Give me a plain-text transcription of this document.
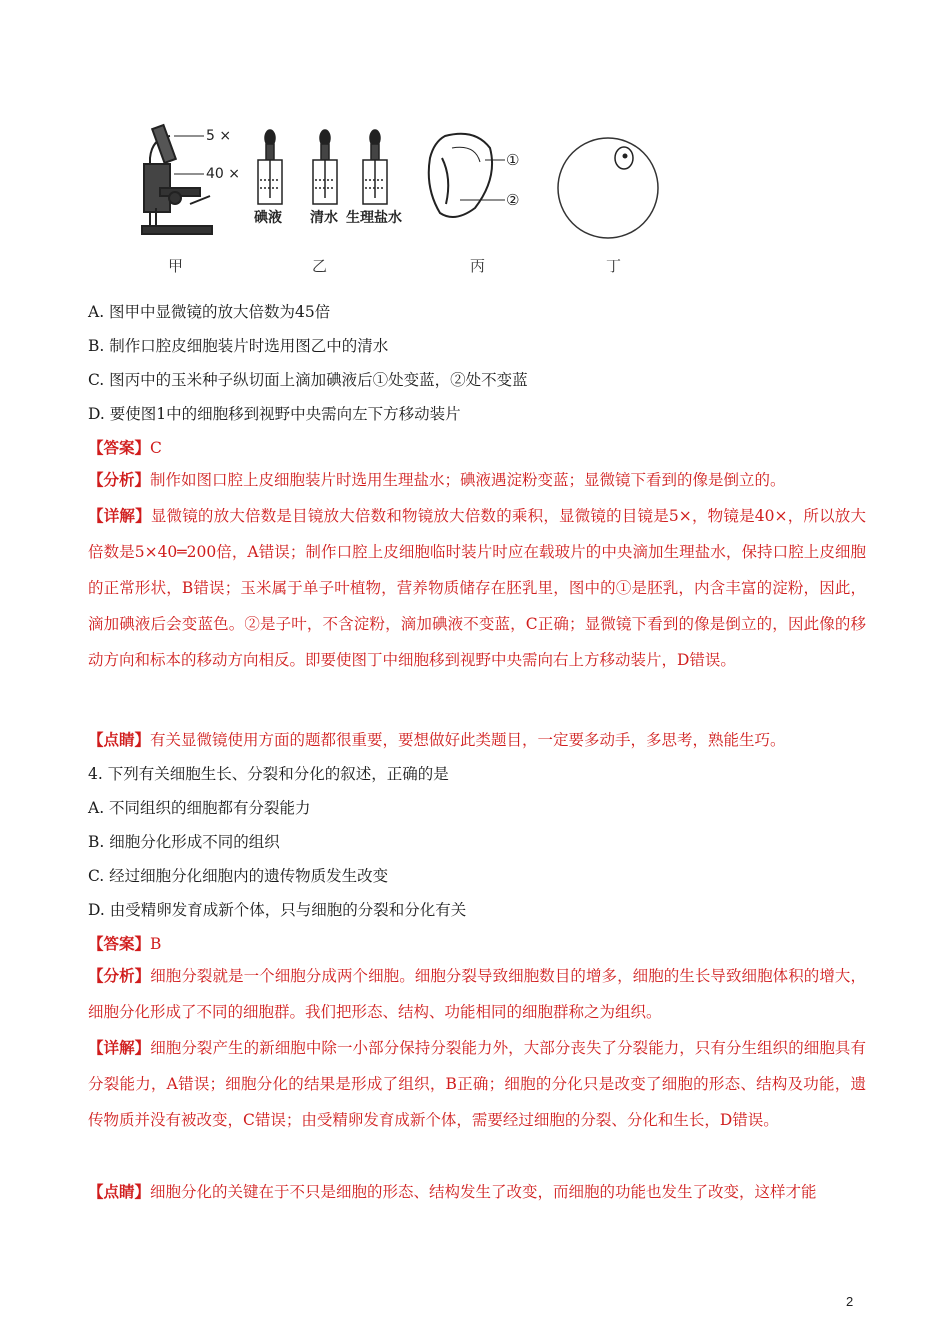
5 ×
40 ×
碘液 清水 生理盐水
①
②
甲	乙	丙	丁
A. 图甲中显微镜的放大倍数为45倍
B. 制作口腔皮细胞装片时选用图乙中的清水
C. 图丙中的玉米种子纵切面上滴加碘液后①处变蓝，②处不变蓝
D. 要使图1中的细胞移到视野中央需向左下方移动装片
【答案】C
【分析】制作如图口腔上皮细胞装片时选用生理盐水；碘液遇淀粉变蓝；显微镜下看到的像是倒立的。
【详解】显微镜的放大倍数是目镜放大倍数和物镜放大倍数的乘积，显微镜的目镜是5×，物镜是40×，所以放大倍数是5×40═200倍，A错误；制作口腔上皮细胞临时装片时应在载玻片的中央滴加生理盐水，保持口腔上皮细胞的正常形状，B错误；玉米属于单子叶植物，营养物质储存在胚乳里，图中的①是胚乳，内含丰富的淀粉，因此，滴加碘液后会变蓝色。②是子叶，不含淀粉，滴加碘液不变蓝，C正确；显微镜下看到的像是倒立的，因此像的移动方向和标本的移动方向相反。即要使图丁中细胞移到视野中央需向右上方移动装片，D错误。
【点睛】有关显微镜使用方面的题都很重要，要想做好此类题目，一定要多动手，多思考，熟能生巧。
4. 下列有关细胞生长、分裂和分化的叙述，正确的是
A. 不同组织的细胞都有分裂能力
B. 细胞分化形成不同的组织
C. 经过细胞分化细胞内的遗传物质发生改变
D. 由受精卵发育成新个体，只与细胞的分裂和分化有关
【答案】B
【分析】细胞分裂就是一个细胞分成两个细胞。细胞分裂导致细胞数目的增多，细胞的生长导致细胞体积的增大，细胞分化形成了不同的细胞群。我们把形态、结构、功能相同的细胞群称之为组织。
【详解】细胞分裂产生的新细胞中除一小部分保持分裂能力外，大部分丧失了分裂能力，只有分生组织的细胞具有分裂能力，A错误；细胞分化的结果是形成了组织，B正确；细胞的分化只是改变了细胞的形态、结构及功能，遗传物质并没有被改变，C错误；由受精卵发育成新个体，需要经过细胞的分裂、分化和生长，D错误。
【点睛】细胞分化的关键在于不只是细胞的形态、结构发生了改变，而细胞的功能也发生了改变，这样才能
2
